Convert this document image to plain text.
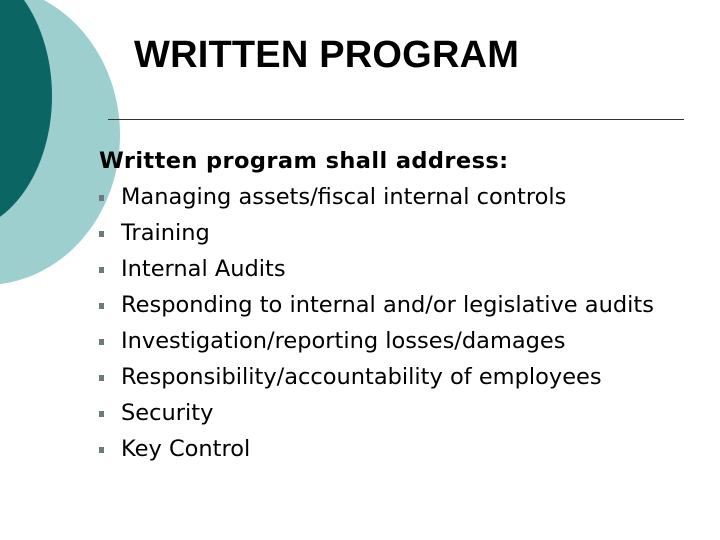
WRITTEN PROGRAM
Written program shall address:
Managing assets/fiscal internal controls
Training
Internal Audits
Responding to internal and/or legislative audits
Investigation/reporting losses/damages
Responsibility/accountability of employees
Security
Key Control
